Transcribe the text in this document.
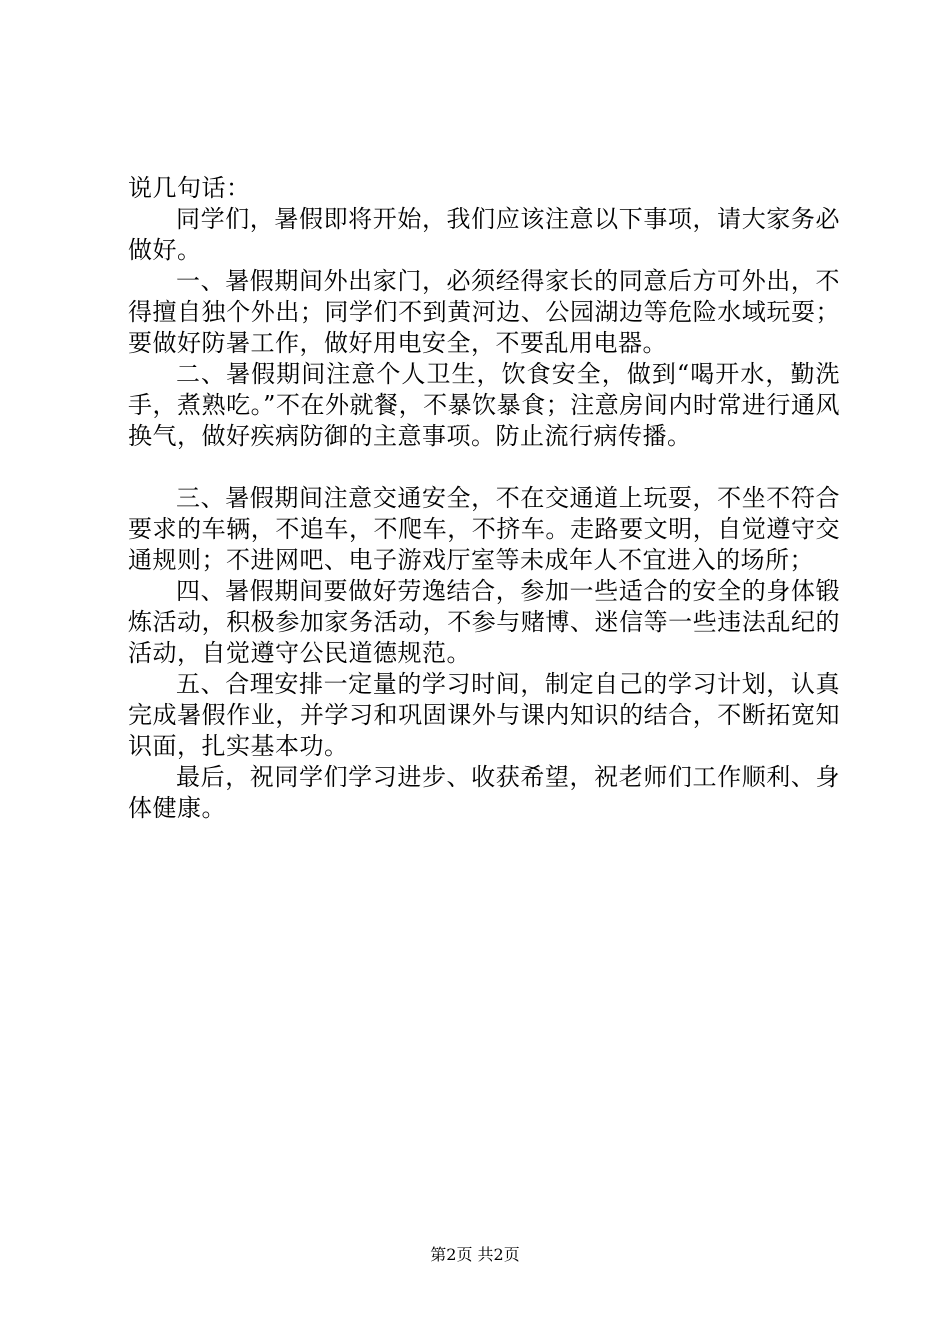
说几句话：

同学们，暑假即将开始，我们应该注意以下事项，请大家务必做好。

一、暑假期间外出家门，必须经得家长的同意后方可外出，不得擅自独个外出；同学们不到黄河边、公园湖边等危险水域玩耍；要做好防暑工作，做好用电安全，不要乱用电器。

二、暑假期间注意个人卫生，饮食安全，做到“喝开水，勤洗手，煮熟吃。”不在外就餐，不暴饮暴食；注意房间内时常进行通风换气，做好疾病防御的主意事项。防止流行病传播。

三、暑假期间注意交通安全，不在交通道上玩耍，不坐不符合要求的车辆，不追车，不爬车，不挤车。走路要文明，自觉遵守交通规则；不进网吧、电子游戏厅室等未成年人不宜进入的场所；

四、暑假期间要做好劳逸结合，参加一些适合的安全的身体锻炼活动，积极参加家务活动，不参与赌博、迷信等一些违法乱纪的活动，自觉遵守公民道德规范。

五、合理安排一定量的学习时间，制定自己的学习计划，认真完成暑假作业，并学习和巩固课外与课内知识的结合，不断拓宽知识面，扎实基本功。

最后，祝同学们学习进步、收获希望，祝老师们工作顺利、身体健康。

第2页 共2页
